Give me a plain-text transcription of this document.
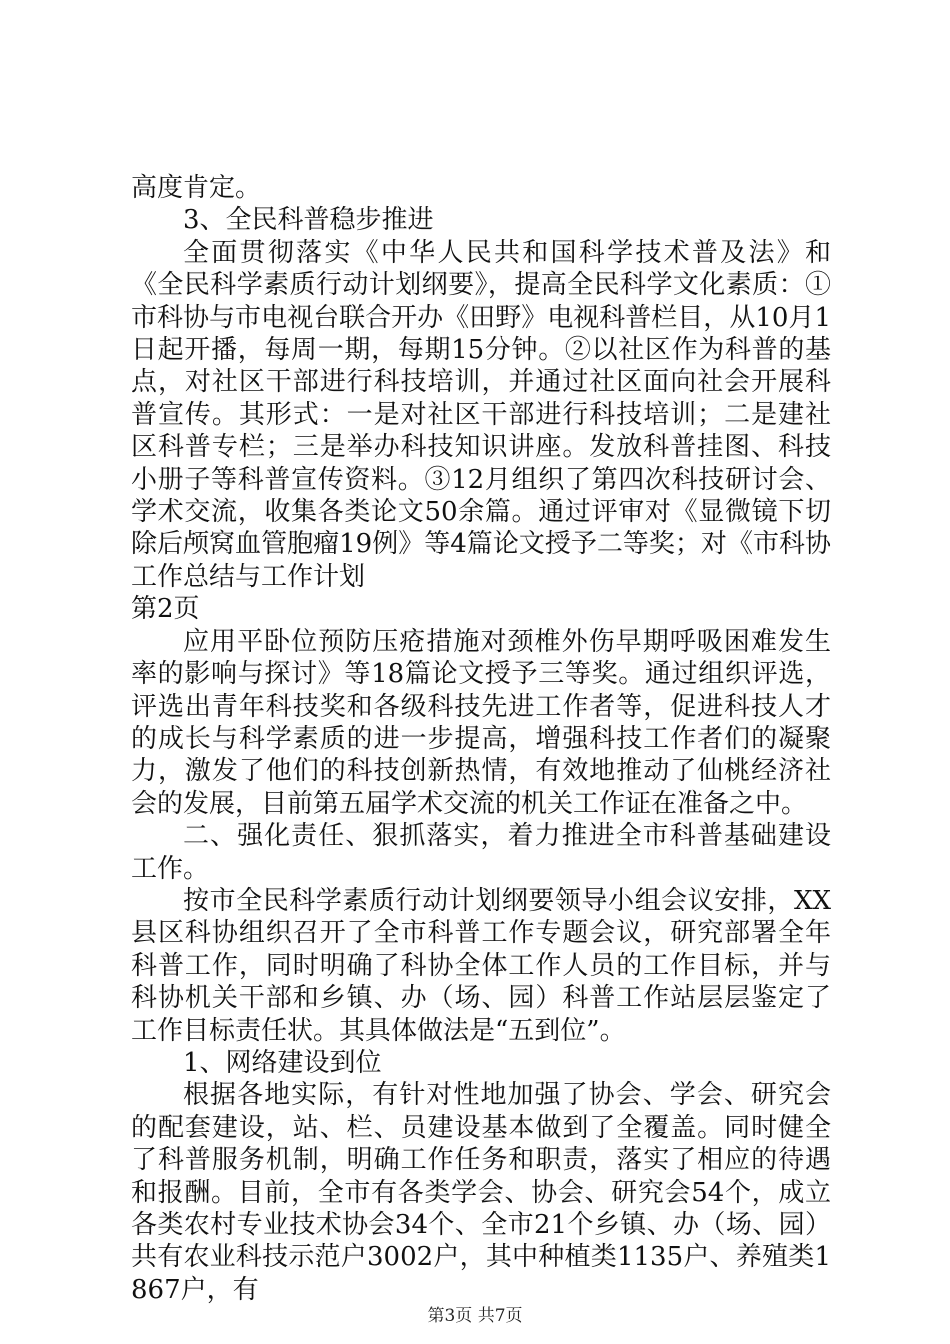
高度肯定。

3、全民科普稳步推进

全面贯彻落实《中华人民共和国科学技术普及法》和《全民科学素质行动计划纲要》，提高全民科学文化素质：①市科协与市电视台联合开办《田野》电视科普栏目，从10月1日起开播，每周一期，每期15分钟。②以社区作为科普的基点，对社区干部进行科技培训，并通过社区面向社会开展科普宣传。其形式：一是对社区干部进行科技培训；二是建社区科普专栏；三是举办科技知识讲座。发放科普挂图、科技小册子等科普宣传资料。③12月组织了第四次科技研讨会、学术交流，收集各类论文50余篇。通过评审对《显微镜下切除后颅窝血管胞瘤19例》等4篇论文授予二等奖；对《市科协工作总结与工作计划

第2页

应用平卧位预防压疮措施对颈椎外伤早期呼吸困难发生率的影响与探讨》等18篇论文授予三等奖。通过组织评选，评选出青年科技奖和各级科技先进工作者等，促进科技人才的成长与科学素质的进一步提高，增强科技工作者们的凝聚力，激发了他们的科技创新热情，有效地推动了仙桃经济社会的发展，目前第五届学术交流的机关工作证在准备之中。

二、强化责任、狠抓落实，着力推进全市科普基础建设工作。

按市全民科学素质行动计划纲要领导小组会议安排，XX县区科协组织召开了全市科普工作专题会议，研究部署全年科普工作，同时明确了科协全体工作人员的工作目标，并与科协机关干部和乡镇、办（场、园）科普工作站层层鉴定了工作目标责任状。其具体做法是“五到位”。

1、网络建设到位

根据各地实际，有针对性地加强了协会、学会、研究会的配套建设，站、栏、员建设基本做到了全覆盖。同时健全了科普服务机制，明确工作任务和职责，落实了相应的待遇和报酬。目前，全市有各类学会、协会、研究会54个，成立各类农村专业技术协会34个、全市21个乡镇、办（场、园）共有农业科技示范户3002户，其中种植类1135户、养殖类1867户，有

第3页 共7页
